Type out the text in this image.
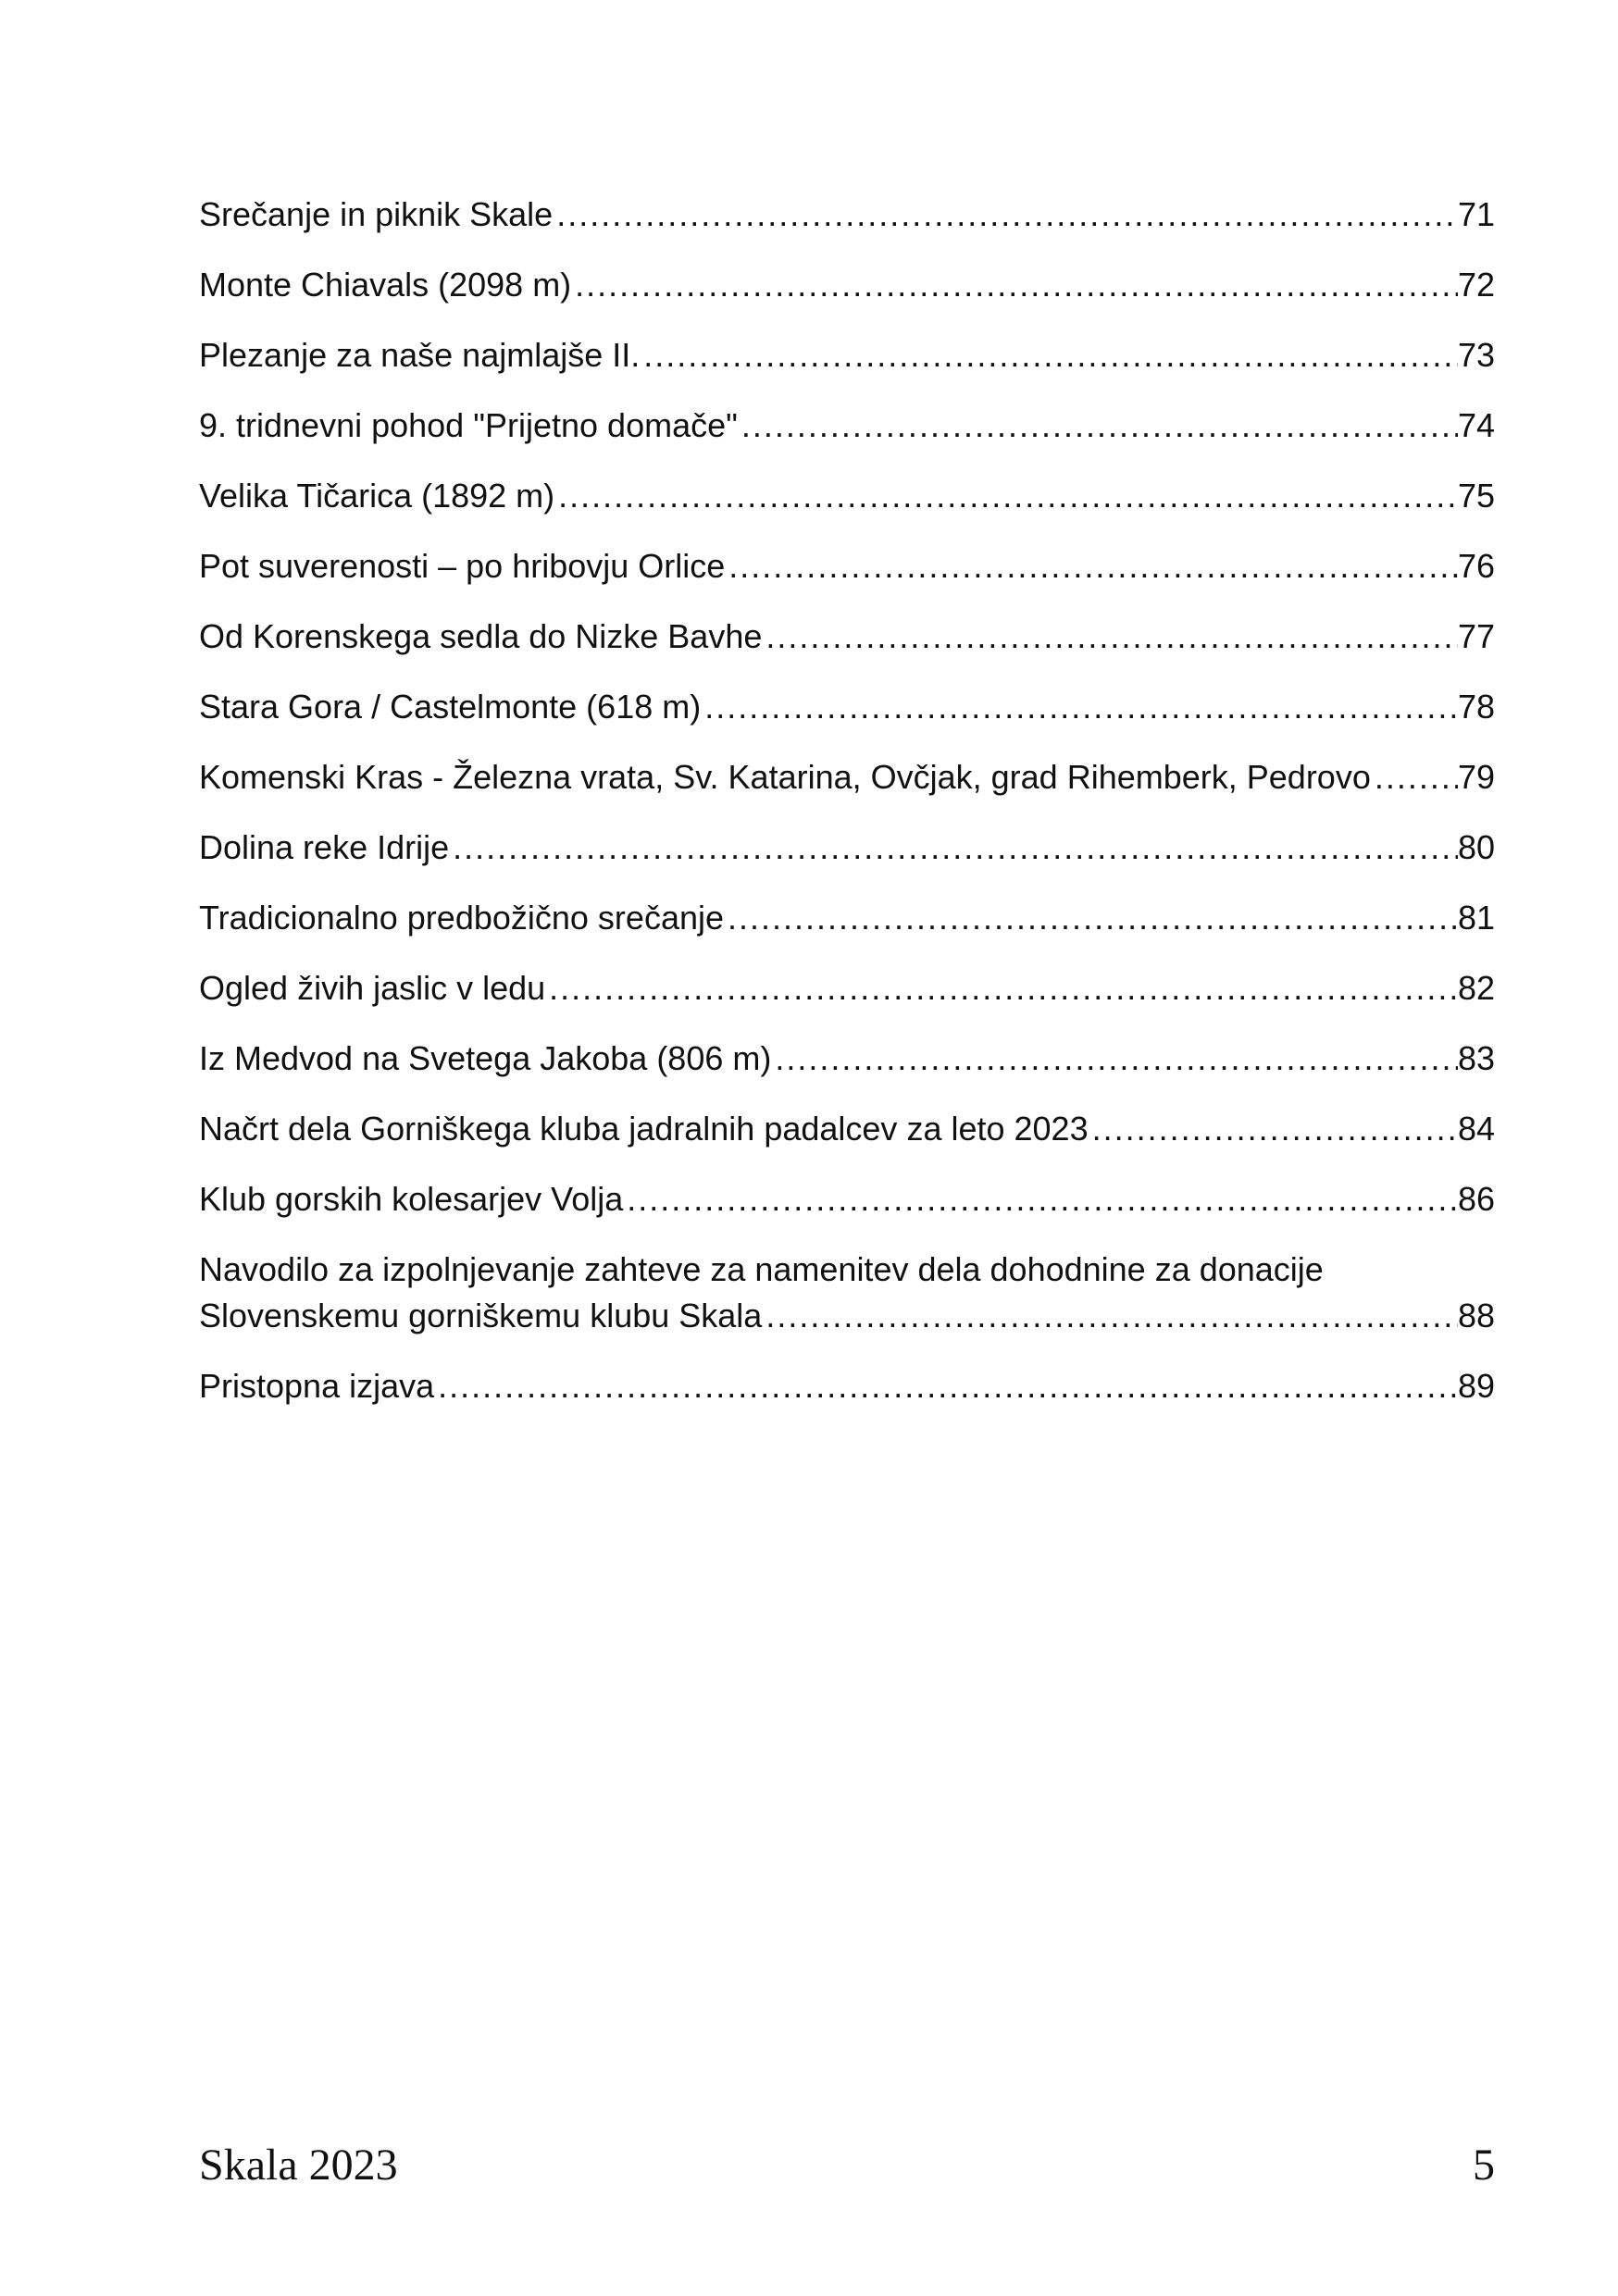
Srečanje in piknik Skale .....	71
Monte Chiavals (2098 m) .....	72
Plezanje za naše najmlajše II. .....	73
9. tridnevni pohod "Prijetno domače" .....	74
Velika Tičarica (1892 m) .....	75
Pot suverenosti – po hribovju Orlice .....	76
Od Korenskega sedla do Nizke Bavhe .....	77
Stara Gora / Castelmonte (618 m) .....	78
Komenski Kras - Železna vrata, Sv. Katarina, Ovčjak, grad Rihemberk, Pedrovo .....	79
Dolina reke Idrije .....	80
Tradicionalno predbožično srečanje .....	81
Ogled živih jaslic v ledu .....	82
Iz Medvod na Svetega Jakoba (806 m) .....	83
Načrt dela Gorniškega kluba jadralnih padalcev za leto 2023 .....	84
Klub gorskih kolesarjev Volja .....	86
Navodilo za izpolnjevanje zahteve za namenitev dela dohodnine za donacije
Slovenskemu gorniškemu klubu Skala .....	88
Pristopna izjava .....	89
Skala 2023	5
